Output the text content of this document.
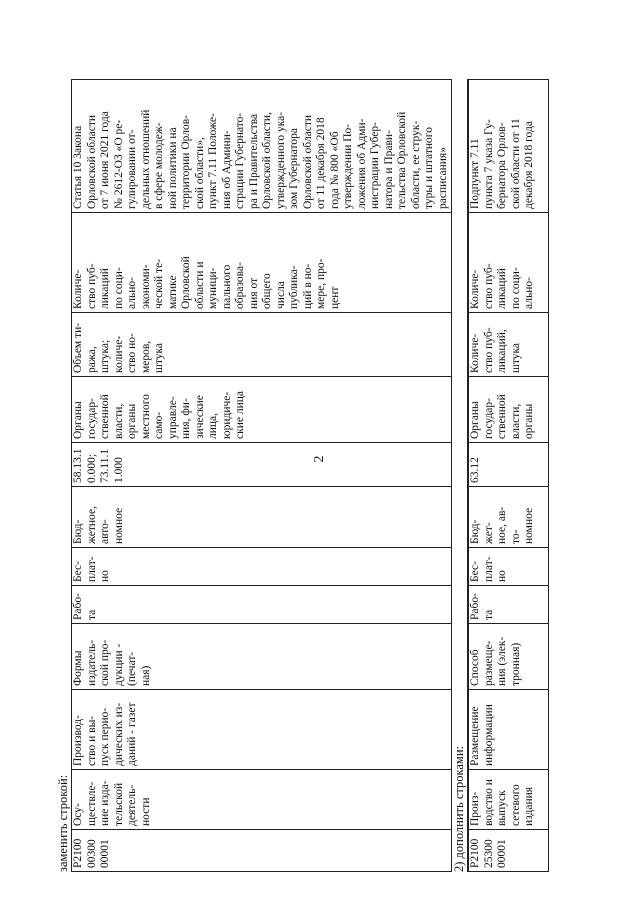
2
заменить строкой: P2100
00300
00001

Осу-
ществле-
ние изда-
тельской
деятель-
ности

Производ-
ство и вы-
пуск перио-
дических из-
даний - газет

Формы
издатель-
ской про-
дукции -
(печат-
ная)

Рабо-
та

Бес-
плат-
но

Бюд-
жетное,
авто-
номное

58.13.1
0.000;
73.11.1
1.000

Органы
государ-
ственной
власти,
органы
местного
само-
управле-
ния, фи-
зические
лица,
юридиче-
ские лица

Объем ти-
ража,
штука;
количе-
ство но-
меров,
штука

Количе-
ство пуб-
ликаций
по соци-
ально-
экономи-
ческой те-
матике
Орловской
области и
муници-
пального
образова-
ния от
общего
числа
публика-
ций в но-
мере, про-
цент

Статья 10 Закона
Орловской области
от 7 июня 2021 года
№ 2612-ОЗ «О ре-
гулировании от-
дельных отношений
в сфере молодеж-
ной политики на
территории Орлов-
ской области»,
пункт 7.11 Положе-
ния об Админи-
страции Губернато-
ра и Правительства
Орловской области,
утвержденного ука-
зом Губернатора
Орловской области
от 11 декабря 2018
года № 800 «Об
утверждении По-
ложения об Адми-
нистрации Губер-
натора и Прави-
тельства Орловской
области, ее струк-
туры и штатного
расписания»
2) дополнить строками: P2100
25300
00001

Произ-
водство и
выпуск
сетевого
издания

Размещение
информации

Способ
размеще-
ния (элек-
тронная)

Рабо-
та

Бес-
плат-
но

Бюд-
жет-
ное, ав-
то-
номное

63.12

Органы
государ-
ственной
власти,
органы

Количе-
ство пуб-
ликаций,
штука

Количе-
ство пуб-
ликаций
по соци-
ально-

Подпункт 7.11
пункта 7 указа Гу-
бернатора Орлов-
ской области от 11
декабря 2018 года
